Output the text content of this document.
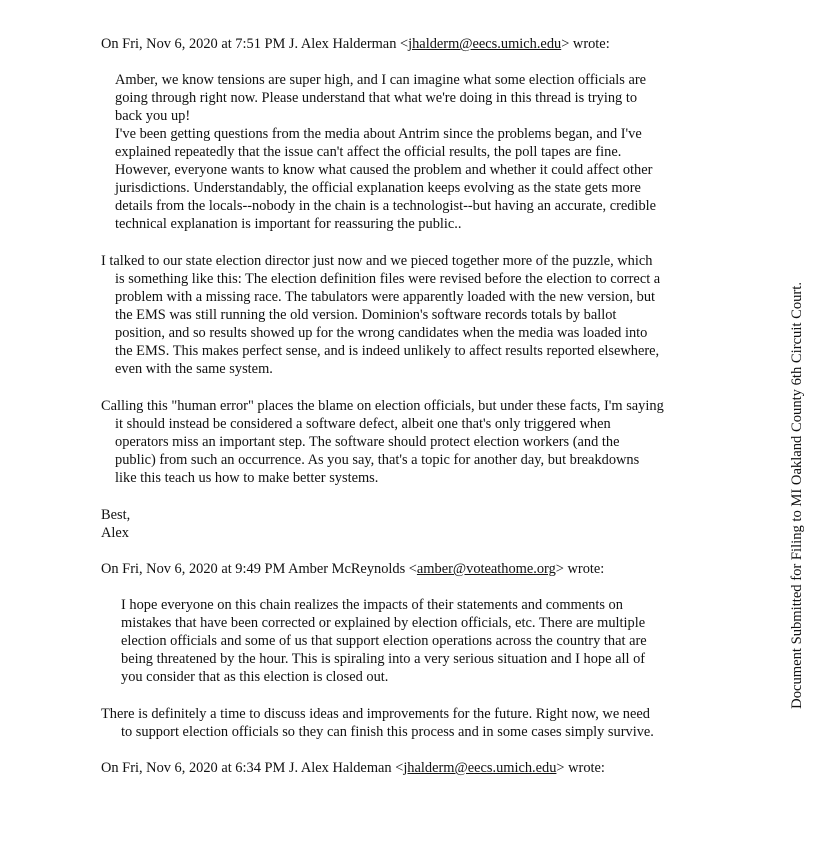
On Fri, Nov 6, 2020 at 7:51 PM J. Alex Halderman <jhalderm@eecs.umich.edu> wrote:
Amber, we know tensions are super high, and I can imagine what some election officials are
going through right now. Please understand that what we're doing in this thread is trying to
back you up!
I've been getting questions from the media about Antrim since the problems began, and I've
explained repeatedly that the issue can't affect the official results, the poll tapes are fine.
However, everyone wants to know what caused the problem and whether it could affect other
jurisdictions. Understandably, the official explanation keeps evolving as the state gets more
details from the locals--nobody in the chain is a technologist--but having an accurate, credible
technical explanation is important for reassuring the public..
I talked to our state election director just now and we pieced together more of the puzzle, which
is something like this: The election definition files were revised before the election to correct a
problem with a missing race. The tabulators were apparently loaded with the new version, but
the EMS was still running the old version. Dominion's software records totals by ballot
position, and so results showed up for the wrong candidates when the media was loaded into
the EMS. This makes perfect sense, and is indeed unlikely to affect results reported elsewhere,
even with the same system.
Calling this "human error" places the blame on election officials, but under these facts, I'm saying
it should instead be considered a software defect, albeit one that's only triggered when
operators miss an important step. The software should protect election workers (and the
public) from such an occurrence. As you say, that's a topic for another day, but breakdowns
like this teach us how to make better systems.
Best,
Alex
On Fri, Nov 6, 2020 at 9:49 PM Amber McReynolds <amber@voteathome.org> wrote:
I hope everyone on this chain realizes the impacts of their statements and comments on
mistakes that have been corrected or explained by election officials, etc. There are multiple
election officials and some of us that support election operations across the country that are
being threatened by the hour. This is spiraling into a very serious situation and I hope all of
you consider that as this election is closed out.
There is definitely a time to discuss ideas and improvements for the future. Right now, we need
to support election officials so they can finish this process and in some cases simply survive.
On Fri, Nov 6, 2020 at 6:34 PM J. Alex Haldeman <jhalderm@eecs.umich.edu> wrote:
Document Submitted for Filing to MI Oakland County 6th Circuit Court.
